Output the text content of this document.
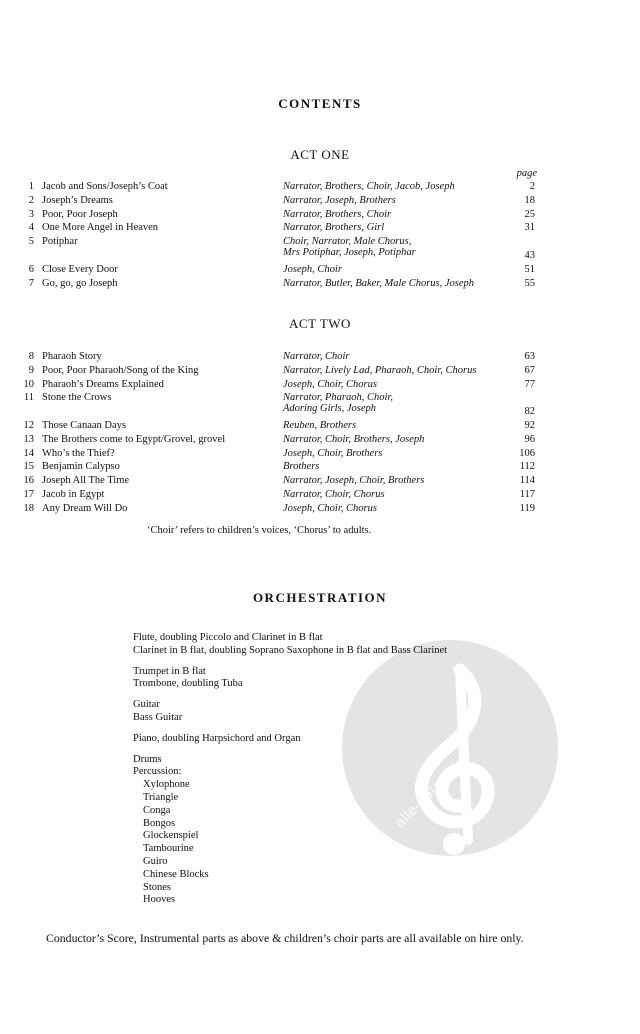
alle-noten.de
CONTENTS
ACT ONE
page
1 Jacob and Sons/Joseph’s Coat	Narrator, Brothers, Choir, Jacob, Joseph	2
2 Joseph’s Dreams	Narrator, Joseph, Brothers	18
3 Poor, Poor Joseph	Narrator, Brothers, Choir	25
4 One More Angel in Heaven	Narrator, Brothers, Girl	31
5 Potiphar	Choir, Narrator, Male Chorus,
Mrs Potiphar, Joseph, Potiphar	43
6 Close Every Door	Joseph, Choir	51
7 Go, go, go Joseph	Narrator, Butler, Baker, Male Chorus, Joseph	55
ACT TWO
8 Pharaoh Story	Narrator, Choir	63
9 Poor, Poor Pharaoh/Song of the King	Narrator, Lively Lad, Pharaoh, Choir, Chorus	67
10 Pharaoh’s Dreams Explained	Joseph, Choir, Chorus	77
11 Stone the Crows	Narrator, Pharaoh, Choir,
Adoring Girls, Joseph	82
12 Those Canaan Days	Reuben, Brothers	92
13 The Brothers come to Egypt/Grovel, grovel	Narrator, Choir, Brothers, Joseph	96
14 Who’s the Thief?	Joseph, Choir, Brothers	106
15 Benjamin Calypso	Brothers	112
16 Joseph All The Time	Narrator, Joseph, Choir, Brothers	114
17 Jacob in Egypt	Narrator, Choir, Chorus	117
18 Any Dream Will Do	Joseph, Choir, Chorus	119
‘Choir’ refers to children’s voices, ‘Chorus’ to adults.
ORCHESTRATION
Flute, doubling Piccolo and Clarinet in B flat
Clarinet in B flat, doubling Soprano Saxophone in B flat and Bass Clarinet
Trumpet in B flat
Trombone, doubling Tuba
Guitar
Bass Guitar
Piano, doubling Harpsichord and Organ
Drums
Percussion:
Xylophone
Triangle
Conga
Bongos
Glockenspiel
Tambourine
Guiro
Chinese Blocks
Stones
Hooves
Conductor’s Score, Instrumental parts as above & children’s choir parts are all available on hire only.
